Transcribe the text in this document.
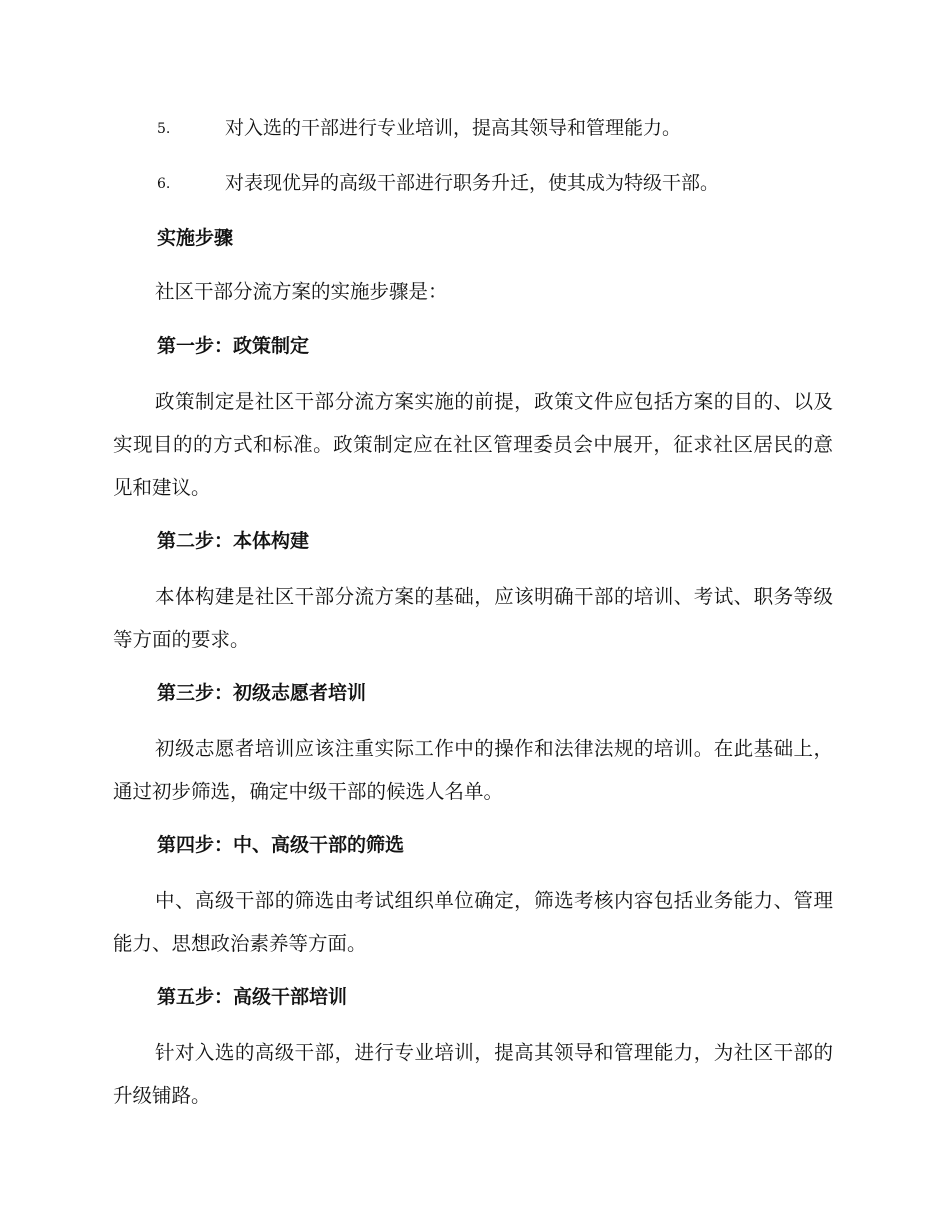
5.	对入选的干部进行专业培训，提高其领导和管理能力。
6.	对表现优异的高级干部进行职务升迁，使其成为特级干部。
实施步骤
社区干部分流方案的实施步骤是：
第一步：政策制定
政策制定是社区干部分流方案实施的前提，政策文件应包括方案的目的、以及实现目的的方式和标准。政策制定应在社区管理委员会中展开，征求社区居民的意见和建议。
第二步：本体构建
本体构建是社区干部分流方案的基础，应该明确干部的培训、考试、职务等级等方面的要求。
第三步：初级志愿者培训
初级志愿者培训应该注重实际工作中的操作和法律法规的培训。在此基础上，通过初步筛选，确定中级干部的候选人名单。
第四步：中、高级干部的筛选
中、高级干部的筛选由考试组织单位确定，筛选考核内容包括业务能力、管理能力、思想政治素养等方面。
第五步：高级干部培训
针对入选的高级干部，进行专业培训，提高其领导和管理能力，为社区干部的升级铺路。
